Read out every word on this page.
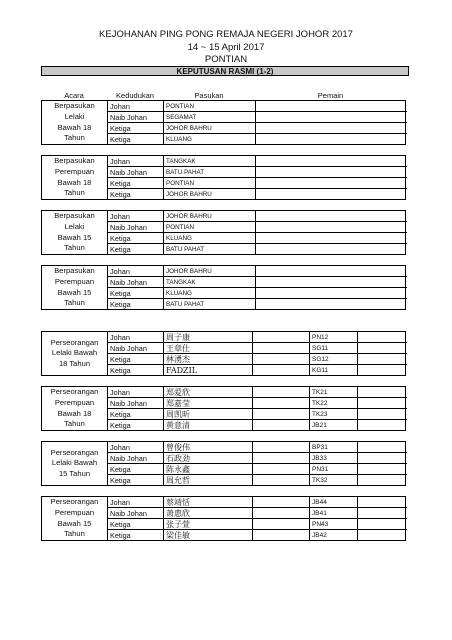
KEJOHANAN PING PONG REMAJA NEGERI JOHOR 2017
14 ~ 15 April 2017
PONTIAN
KEPUTUSAN RASMI (1-2)
Acara	Kedudukan	Pasukan	Pemain
Berpasukan
Lelaki
Bawah 18
Tahun
Johan	PONTIAN
Naib Johan	SEGAMAT
Ketiga	JOHOR BAHRU
Ketiga	KLUANG
Berpasukan
Perempuan
Bawah 18
Tahun
Johan	TANGKAK
Naib Johan	BATU PAHAT
Ketiga	PONTIAN
Ketiga	JOHOR BAHRU
Berpasukan
Lelaki
Bawah 15
Tahun
Johan	JOHOR BAHRU
Naib Johan	PONTIAN
Ketiga	KLUANG
Ketiga	BATU PAHAT
Berpasukan
Perempuan
Bawah 15
Tahun
Johan	JOHOR BAHRU
Naib Johan	TANGKAK
Ketiga	KLUANG
Ketiga	BATU PAHAT
Perseorangan
Lelaki Bawah
18 Tahun
Johan	周子康	PN12
Naib Johan	王章仕	SG11
Ketiga	林湧杰	SG12
Ketiga	FADZIL	KG11
Perseorangan
Perempuan
Bawah 18
Tahun
Johan	郑爱欣	TK21
Naib Johan	郑嘉莹	TK22
Ketiga	周凯昕	TK23
Ketiga	黄意清	JB21
Perseorangan
Lelaki Bawah
15 Tahun
Johan	曾俊伟	BP31
Naib Johan	石政劲	JB33
Ketiga	陈永鑫	PN31
Ketiga	周允哲	TK32
Perseorangan
Perempuan
Bawah 15
Tahun
Johan	蔡靖恬	JB44
Naib Johan	萧惠欣	JB41
Ketiga	张子萱	PN43
Ketiga	梁佳敏	JB42
